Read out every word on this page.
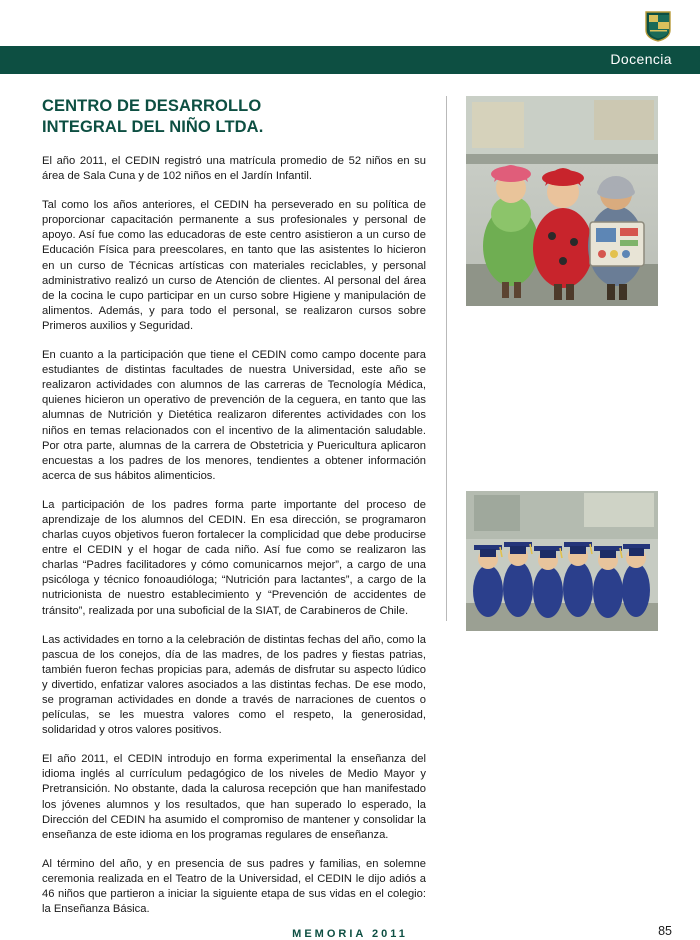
Docencia
CENTRO DE DESARROLLO
INTEGRAL DEL NIÑO LTDA.

El año 2011, el CEDIN registró una matrícula promedio de 52 niños en su área de Sala Cuna y de 102 niños en el Jardín Infantil.

Tal como los años anteriores, el CEDIN ha perseverado en su política de proporcionar capacitación permanente a sus profesionales y personal de apoyo. Así fue como las educadoras de este centro asistieron a un curso de Educación Física para preescolares, en tanto que las asistentes lo hicieron en un curso de Técnicas artísticas con materiales reciclables, y personal administrativo realizó un curso de Atención de clientes. Al personal del área de la cocina le cupo participar en un curso sobre Higiene y manipulación de alimentos. Además, y para todo el personal, se realizaron cursos sobre Primeros auxilios y Seguridad.

En cuanto a la participación que tiene el CEDIN como campo docente para estudiantes de distintas facultades de nuestra Universidad, este año se realizaron actividades con alumnos de las carreras de Tecnología Médica, quienes hicieron un operativo de prevención de la ceguera, en tanto que las alumnas de Nutrición y Dietética realizaron diferentes actividades con los niños en temas relacionados con el incentivo de la alimentación saludable. Por otra parte, alumnas de la carrera de Obstetricia y Puericultura aplicaron encuestas a los padres de los menores, tendientes a obtener información acerca de sus hábitos alimenticios.

La participación de los padres forma parte importante del proceso de aprendizaje de los alumnos del CEDIN. En esa dirección, se programaron charlas cuyos objetivos fueron fortalecer la complicidad que debe producirse entre el CEDIN y el hogar de cada niño. Así fue como se realizaron las charlas “Padres facilitadores y cómo comunicarnos mejor”, a cargo de una psicóloga y técnico fonoaudióloga; “Nutrición para lactantes”, a cargo de la nutricionista de nuestro establecimiento y “Prevención de accidentes de tránsito”, realizada por una suboficial de la SIAT, de Carabineros de Chile.

Las actividades en torno a la celebración de distintas fechas del año, como la pascua de los conejos, día de las madres, de los padres y fiestas patrias, también fueron fechas propicias para, además de disfrutar su aspecto lúdico y divertido, enfatizar valores asociados a las distintas fechas. De ese modo, se programan actividades en donde a través de narraciones de cuentos o películas, se les muestra valores como el respeto, la generosidad, solidaridad y otros valores positivos.

El año 2011, el CEDIN introdujo en forma experimental la enseñanza del idioma inglés al currículum pedagógico de los niveles de Medio Mayor y Pretransición. No obstante, dada la calurosa recepción que han manifestado los jóvenes alumnos y los resultados, que han superado lo esperado, la Dirección del CEDIN ha asumido el compromiso de mantener y consolidar la enseñanza de este idioma en los programas regulares de enseñanza.

Al término del año, y en presencia de sus padres y familias, en solemne ceremonia realizada en el Teatro de la Universidad, el CEDIN le dijo adiós a 46 niños que partieron a iniciar la siguiente etapa de sus vidas en el colegio: la Enseñanza Básica.

MEMORIA 2011	85
